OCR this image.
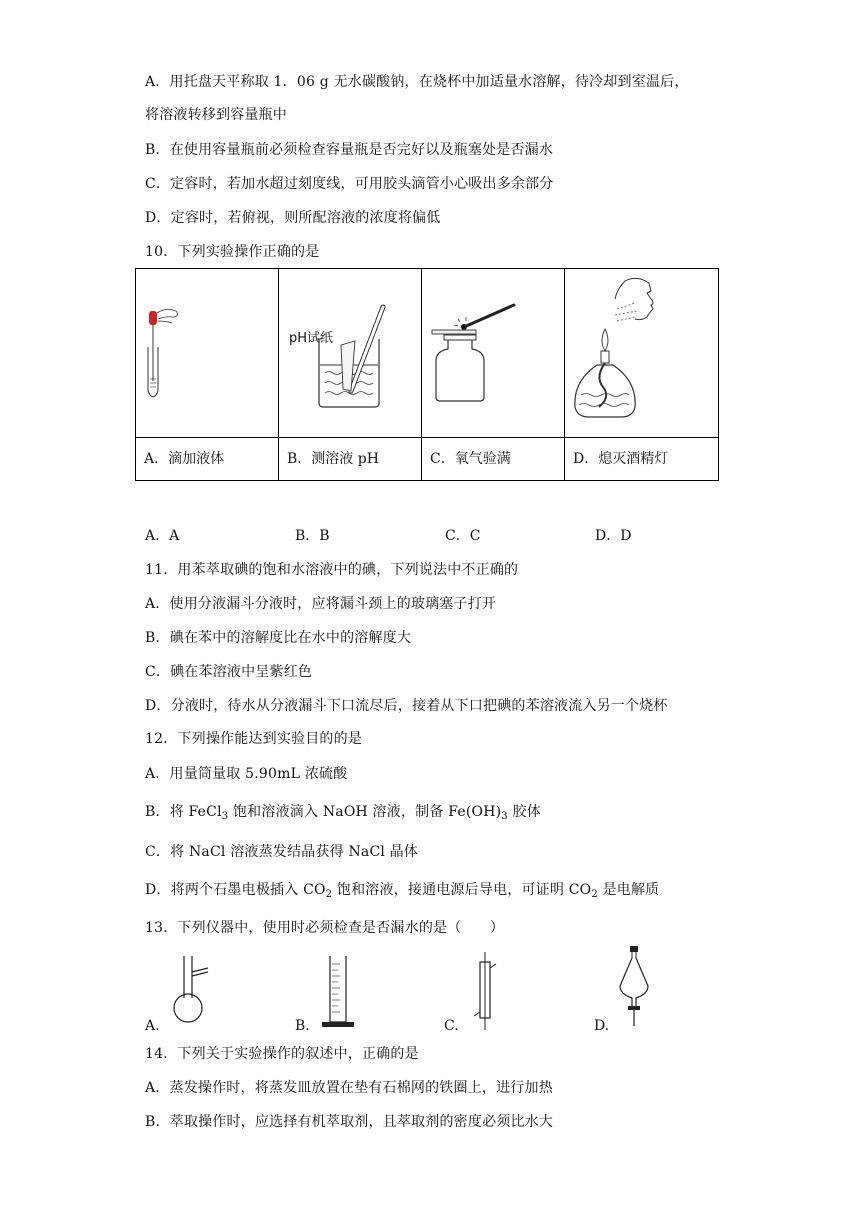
A．用托盘天平称取 1．06 g 无水碳酸钠，在烧杯中加适量水溶解，待冷却到室温后，
将溶液转移到容量瓶中
B．在使用容量瓶前必须检查容量瓶是否完好以及瓶塞处是否漏水
C．定容时，若加水超过刻度线，可用胶头滴管小心吸出多余部分
D．定容时，若俯视，则所配溶液的浓度将偏低
10．下列实验操作正确的是

pH试纸

A．滴加液体	B．测溶液 pH	C．氧气验满	D．熄灭酒精灯
A．A	B．B	C．C	D．D
11．用苯萃取碘的饱和水溶液中的碘，下列说法中不正确的
A．使用分液漏斗分液时，应将漏斗颈上的玻璃塞子打开
B．碘在苯中的溶解度比在水中的溶解度大
C．碘在苯溶液中呈紫红色
D．分液时，待水从分液漏斗下口流尽后，接着从下口把碘的苯溶液流入另一个烧杯
12．下列操作能达到实验目的的是
A．用量筒量取 5.90mL 浓硫酸
B．将 FeCl$_3$ 饱和溶液滴入 NaOH 溶液，制备 $Fe(OH)_3$ 胶体
C．将 NaCl 溶液蒸发结晶获得 NaCl 晶体
D．将两个石墨电极插入 $CO_2$ 饱和溶液，接通电源后导电，可证明 $CO_2$ 是电解质
13．下列仪器中，使用时必须检查是否漏水的是（　　）
A.	B.	C.	D.
14．下列关于实验操作的叙述中，正确的是
A．蒸发操作时，将蒸发皿放置在垫有石棉网的铁圈上，进行加热
B．萃取操作时，应选择有机萃取剂，且萃取剂的密度必须比水大
